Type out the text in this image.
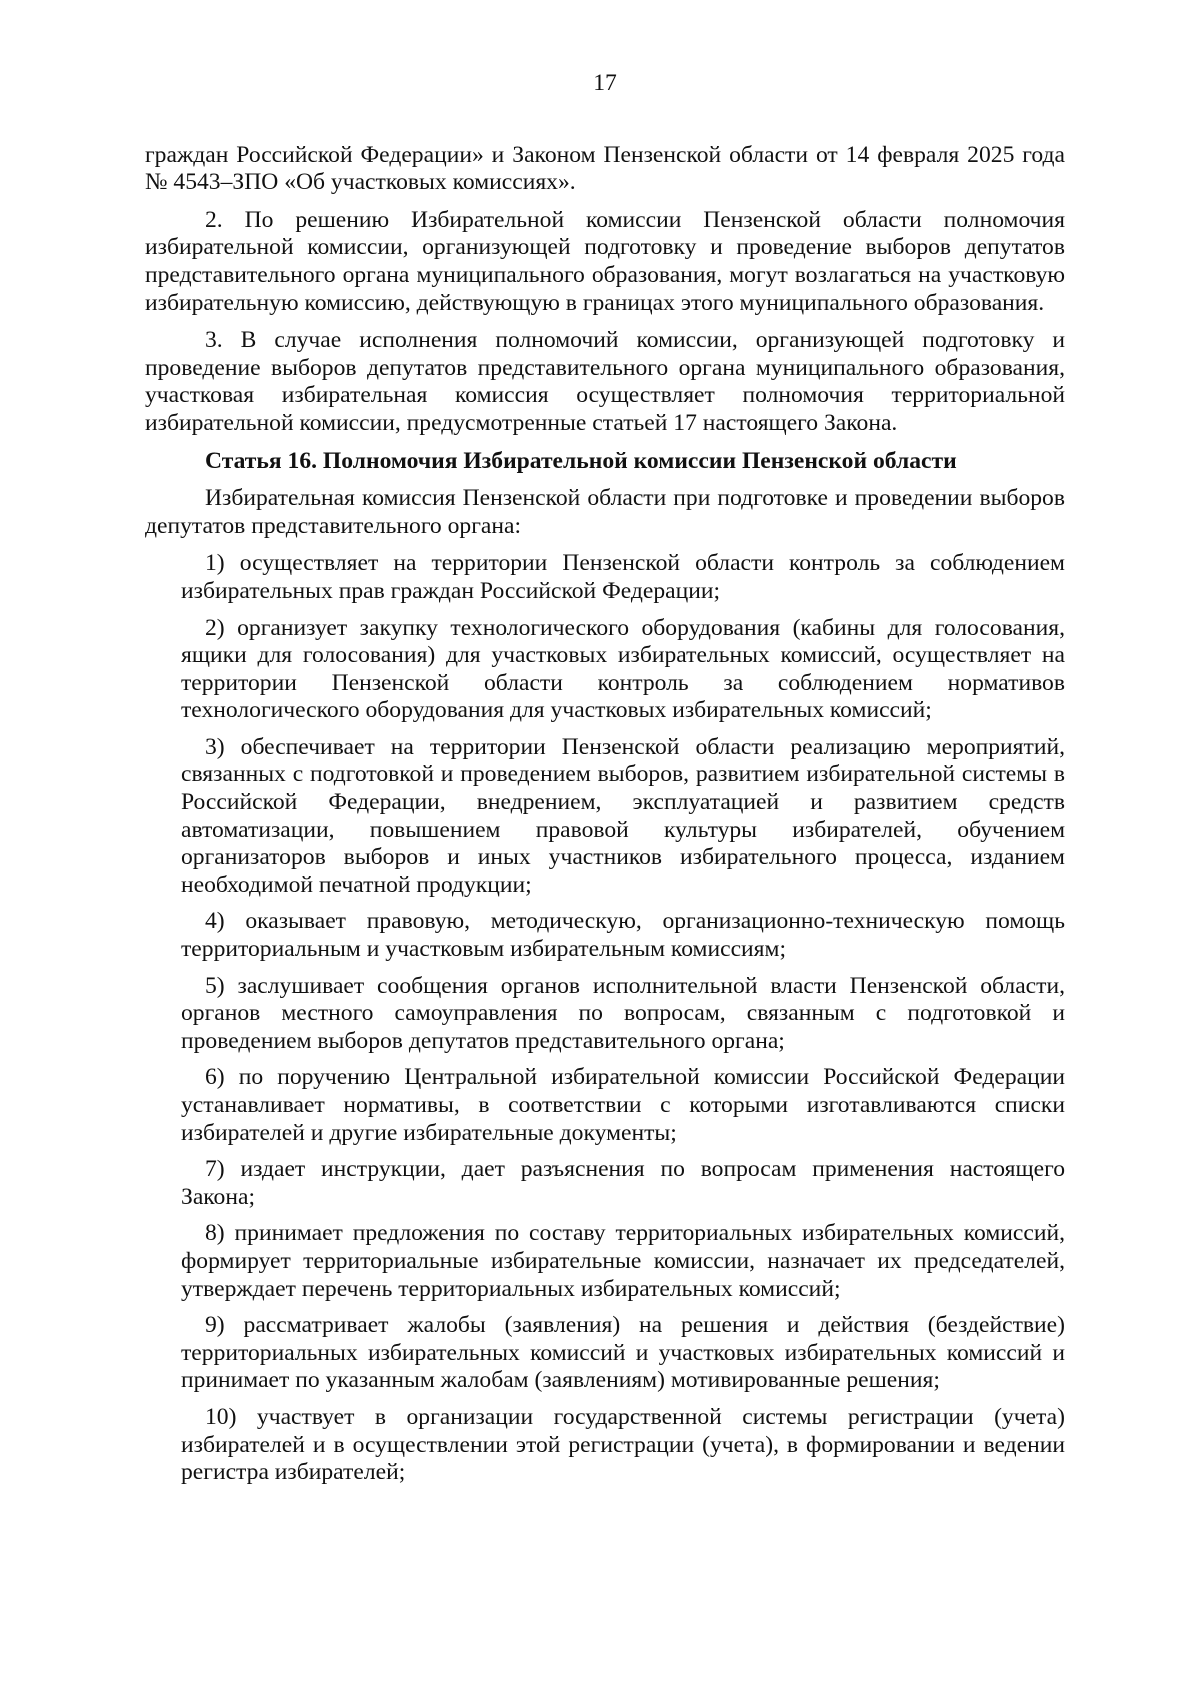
17

граждан Российской Федерации» и Законом Пензенской области от 14 февраля 2025 года № 4543–ЗПО «Об участковых комиссиях».

2. По решению Избирательной комиссии Пензенской области полномочия избирательной комиссии, организующей подготовку и проведение выборов депутатов представительного органа муниципального образования, могут возлагаться на участковую избирательную комиссию, действующую в границах этого муниципального образования.

3. В случае исполнения полномочий комиссии, организующей подготовку и проведение выборов депутатов представительного органа муниципального образования, участковая избирательная комиссия осуществляет полномочия территориальной избирательной комиссии, предусмотренные статьей 17 настоящего Закона.

Статья 16. Полномочия Избирательной комиссии Пензенской области

Избирательная комиссия Пензенской области при подготовке и проведении выборов депутатов представительного органа:

1) осуществляет на территории Пензенской области контроль за соблюдением избирательных прав граждан Российской Федерации;
2) организует закупку технологического оборудования (кабины для голосования, ящики для голосования) для участковых избирательных комиссий, осуществляет на территории Пензенской области контроль за соблюдением нормативов технологического оборудования для участковых избирательных комиссий;
3) обеспечивает на территории Пензенской области реализацию мероприятий, связанных с подготовкой и проведением выборов, развитием избирательной системы в Российской Федерации, внедрением, эксплуатацией и развитием средств автоматизации, повышением правовой культуры избирателей, обучением организаторов выборов и иных участников избирательного процесса, изданием необходимой печатной продукции;
4) оказывает правовую, методическую, организационно-техническую помощь территориальным и участковым избирательным комиссиям;
5) заслушивает сообщения органов исполнительной власти Пензенской области, органов местного самоуправления по вопросам, связанным с подготовкой и проведением выборов депутатов представительного органа;
6) по поручению Центральной избирательной комиссии Российской Федерации устанавливает нормативы, в соответствии с которыми изготавливаются списки избирателей и другие избирательные документы;
7) издает инструкции, дает разъяснения по вопросам применения настоящего Закона;
8) принимает предложения по составу территориальных избирательных комиссий, формирует территориальные избирательные комиссии, назначает их председателей, утверждает перечень территориальных избирательных комиссий;
9) рассматривает жалобы (заявления) на решения и действия (бездействие) территориальных избирательных комиссий и участковых избирательных комиссий и принимает по указанным жалобам (заявлениям) мотивированные решения;
10) участвует в организации государственной системы регистрации (учета) избирателей и в осуществлении этой регистрации (учета), в формировании и ведении регистра избирателей;
